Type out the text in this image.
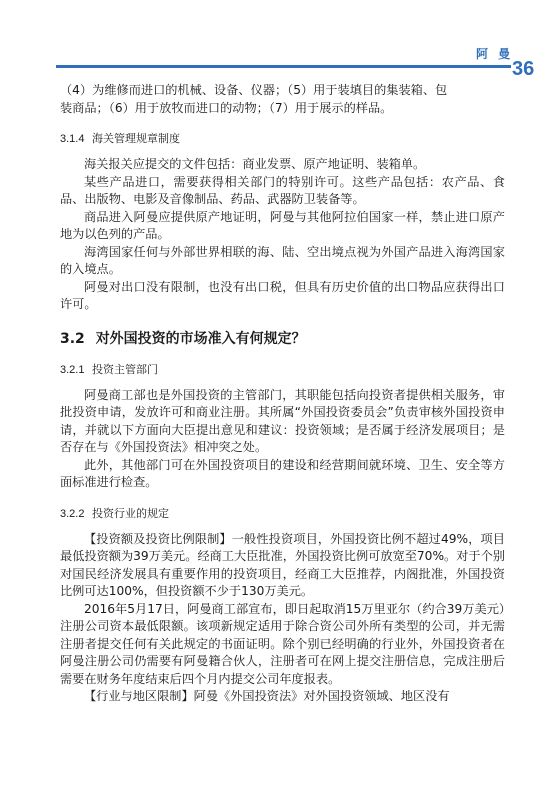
阿 曼
36

（4）为维修而进口的机械、设备、仪器；（5）用于装填目的集装箱、包

装商品；（6）用于放牧而进口的动物；（7）用于展示的样品。

3.1.4 海关管理规章制度

海关报关应提交的文件包括：商业发票、原产地证明、装箱单。

某些产品进口，需要获得相关部门的特别许可。这些产品包括：农产品、食品、出版物、电影及音像制品、药品、武器防卫装备等。

商品进入阿曼应提供原产地证明，阿曼与其他阿拉伯国家一样，禁止进口原产地为以色列的产品。

海湾国家任何与外部世界相联的海、陆、空出境点视为外国产品进入海湾国家的入境点。

阿曼对出口没有限制，也没有出口税，但具有历史价值的出口物品应获得出口许可。

3.2 对外国投资的市场准入有何规定？
3.2.1 投资主管部门

阿曼商工部也是外国投资的主管部门，其职能包括向投资者提供相关服务，审批投资申请，发放许可和商业注册。其所属“外国投资委员会”负责审核外国投资申请，并就以下方面向大臣提出意见和建议：投资领域；是否属于经济发展项目；是否存在与《外国投资法》相冲突之处。

此外，其他部门可在外国投资项目的建设和经营期间就环境、卫生、安全等方面标准进行检查。

3.2.2 投资行业的规定

【投资额及投资比例限制】一般性投资项目，外国投资比例不超过49%，项目最低投资额为39万美元。经商工大臣批准，外国投资比例可放宽至70%。对于个别对国民经济发展具有重要作用的投资项目，经商工大臣推荐，内阁批准，外国投资比例可达100%，但投资额不少于130万美元。

2016年5月17日，阿曼商工部宣布，即日起取消15万里亚尔（约合39万美元）注册公司资本最低限额。该项新规定适用于除合资公司外所有类型的公司，并无需注册者提交任何有关此规定的书面证明。除个别已经明确的行业外，外国投资者在阿曼注册公司仍需要有阿曼籍合伙人，注册者可在网上提交注册信息，完成注册后需要在财务年度结束后四个月内提交公司年度报表。

【行业与地区限制】阿曼《外国投资法》对外国投资领域、地区没有
